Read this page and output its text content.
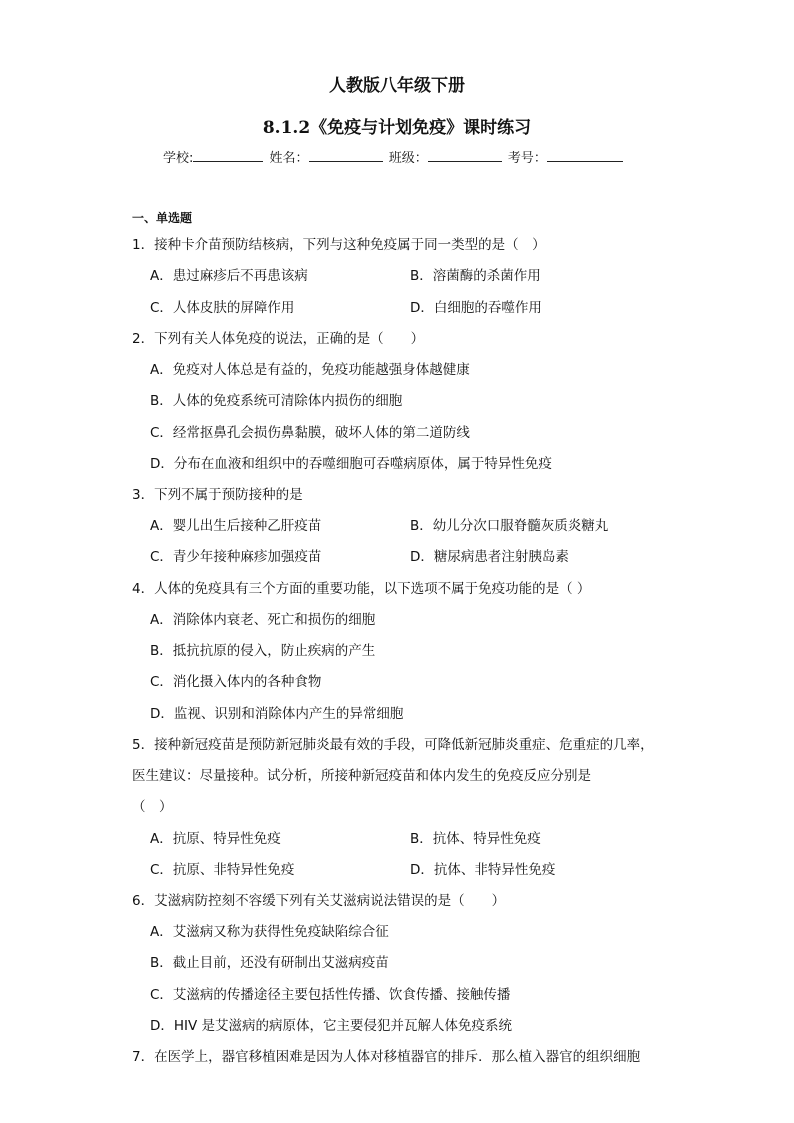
人教版八年级下册
8.1.2《免疫与计划免疫》课时练习
学校:	姓名：	班级：	考号：
一、单选题
1．接种卡介苗预防结核病，下列与这种免疫属于同一类型的是（　）
A．患过麻疹后不再患该病	B．溶菌酶的杀菌作用
C．人体皮肤的屏障作用	D．白细胞的吞噬作用
2．下列有关人体免疫的说法，正确的是（　　）
A．免疫对人体总是有益的，免疫功能越强身体越健康
B．人体的免疫系统可清除体内损伤的细胞
C．经常抠鼻孔会损伤鼻黏膜，破坏人体的第二道防线
D．分布在血液和组织中的吞噬细胞可吞噬病原体，属于特异性免疫
3．下列不属于预防接种的是
A．婴儿出生后接种乙肝疫苗	B．幼儿分次口服脊髓灰质炎糖丸
C．青少年接种麻疹加强疫苗	D．糖尿病患者注射胰岛素
4．人体的免疫具有三个方面的重要功能，以下选项不属于免疫功能的是（ ）
A．消除体内衰老、死亡和损伤的细胞
B．抵抗抗原的侵入，防止疾病的产生
C．消化摄入体内的各种食物
D．监视、识别和消除体内产生的异常细胞
5．接种新冠疫苗是预防新冠肺炎最有效的手段，可降低新冠肺炎重症、危重症的几率，
医生建议：尽量接种。试分析，所接种新冠疫苗和体内发生的免疫反应分别是
（　）
A．抗原、特异性免疫	B．抗体、特异性免疫
C．抗原、非特异性免疫	D．抗体、非特异性免疫
6．艾滋病防控刻不容缓下列有关艾滋病说法错误的是（　　）
A．艾滋病又称为获得性免疫缺陷综合征
B．截止目前，还没有研制出艾滋病疫苗
C．艾滋病的传播途径主要包括性传播、饮食传播、接触传播
D．HIV 是艾滋病的病原体，它主要侵犯并瓦解人体免疫系统
7．在医学上，器官移植困难是因为人体对移植器官的排斥．那么植入器官的组织细胞
